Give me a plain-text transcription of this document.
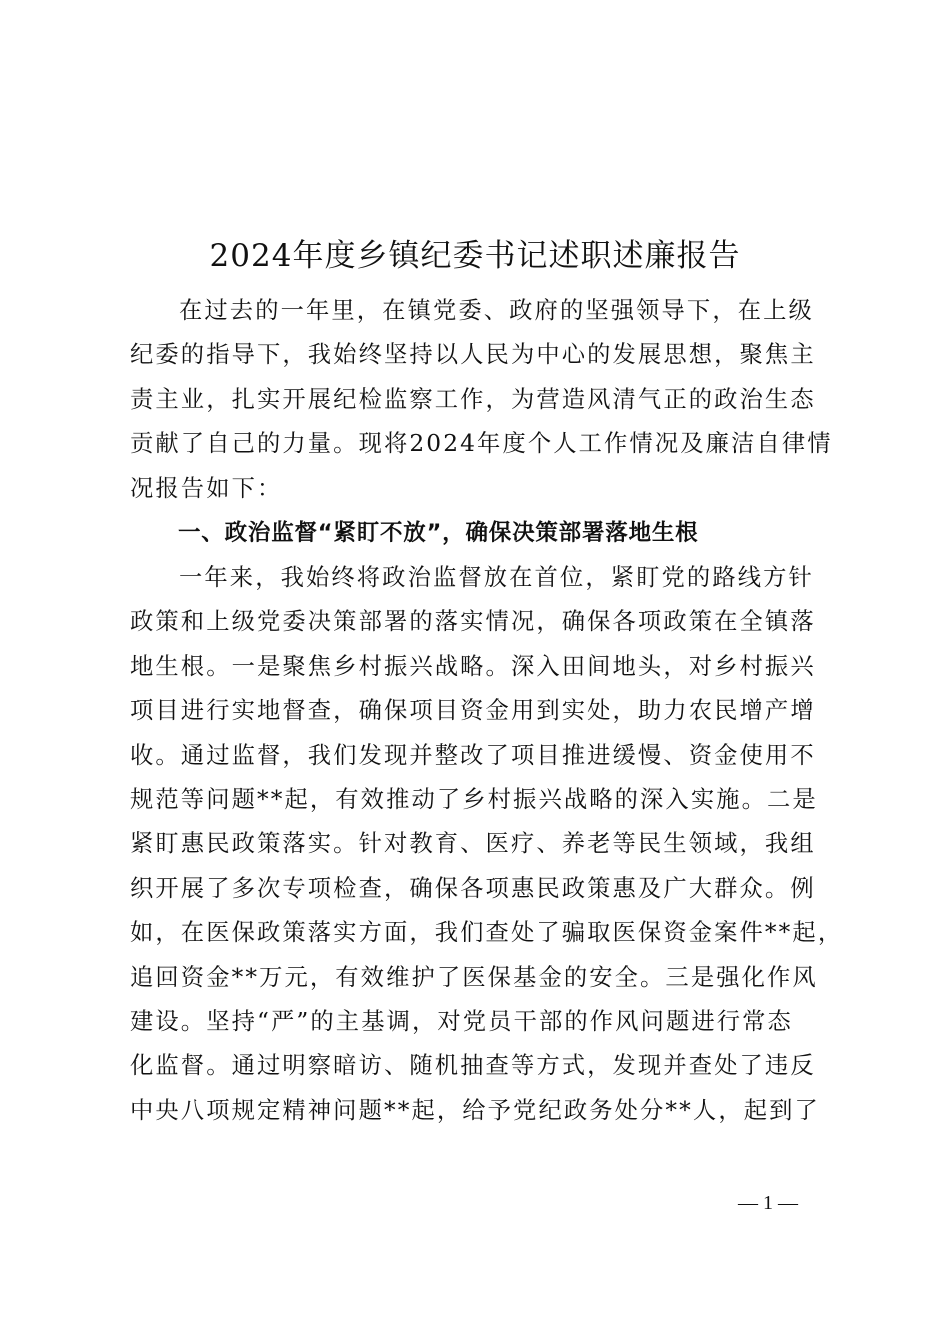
2024年度乡镇纪委书记述职述廉报告
在过去的一年里，在镇党委、政府的坚强领导下，在上级
纪委的指导下，我始终坚持以人民为中心的发展思想，聚焦主
责主业，扎实开展纪检监察工作，为营造风清气正的政治生态
贡献了自己的力量。现将2024年度个人工作情况及廉洁自律情
况报告如下：
一、政治监督“紧盯不放”，确保决策部署落地生根
一年来，我始终将政治监督放在首位，紧盯党的路线方针
政策和上级党委决策部署的落实情况，确保各项政策在全镇落
地生根。一是聚焦乡村振兴战略。深入田间地头，对乡村振兴
项目进行实地督查，确保项目资金用到实处，助力农民增产增
收。通过监督，我们发现并整改了项目推进缓慢、资金使用不
规范等问题**起，有效推动了乡村振兴战略的深入实施。二是
紧盯惠民政策落实。针对教育、医疗、养老等民生领域，我组
织开展了多次专项检查，确保各项惠民政策惠及广大群众。例
如，在医保政策落实方面，我们查处了骗取医保资金案件**起，
追回资金**万元，有效维护了医保基金的安全。三是强化作风
建设。坚持“严”的主基调，对党员干部的作风问题进行常态
化监督。通过明察暗访、随机抽查等方式，发现并查处了违反
中央八项规定精神问题**起，给予党纪政务处分**人，起到了
— 1 —
